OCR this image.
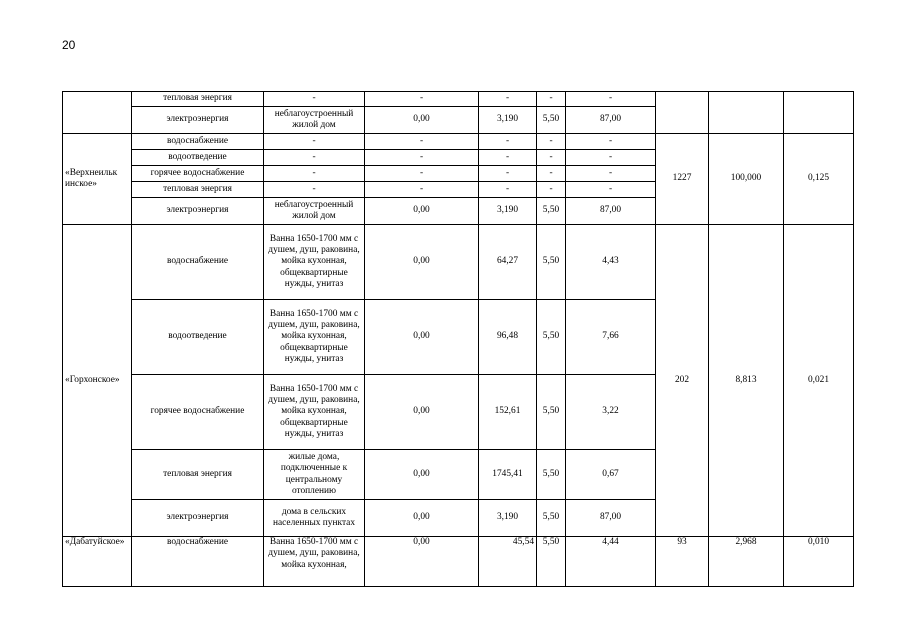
20
	тепловая энергия	-	-	-	-	-			
	электроэнергия	неблагоустроенный жилой дом	0,00	3,190	5,50	87,00			
«Верхнеильк инское»	водоснабжение	-	-	-	-	-	1227	100,000	0,125
	водоотведение	-	-	-	-	-			
	горячее водоснабжение	-	-	-	-	-			
	тепловая энергия	-	-	-	-	-			
	электроэнергия	неблагоустроенный жилой дом	0,00	3,190	5,50	87,00			
«Горхонское»	водоснабжение	Ванна 1650-1700 мм с душем, душ, раковина, мойка кухонная, общеквартирные нужды, унитаз	0,00	64,27	5,50	4,43	202	8,813	0,021
	водоотведение	Ванна 1650-1700 мм с душем, душ, раковина, мойка кухонная, общеквартирные нужды, унитаз	0,00	96,48	5,50	7,66			
	горячее водоснабжение	Ванна 1650-1700 мм с душем, душ, раковина, мойка кухонная, общеквартирные нужды, унитаз	0,00	152,61	5,50	3,22			
	тепловая энергия	жилые дома, подключенные к центральному отоплению	0,00	1745,41	5,50	0,67			
	электроэнергия	дома в сельских населенных пунктах	0,00	3,190	5,50	87,00			
«Дабатуйское»	водоснабжение	Ванна 1650-1700 мм с душем, душ, раковина, мойка кухонная,	0,00	45,54	5,50	4,44	93	2,968	0,010
